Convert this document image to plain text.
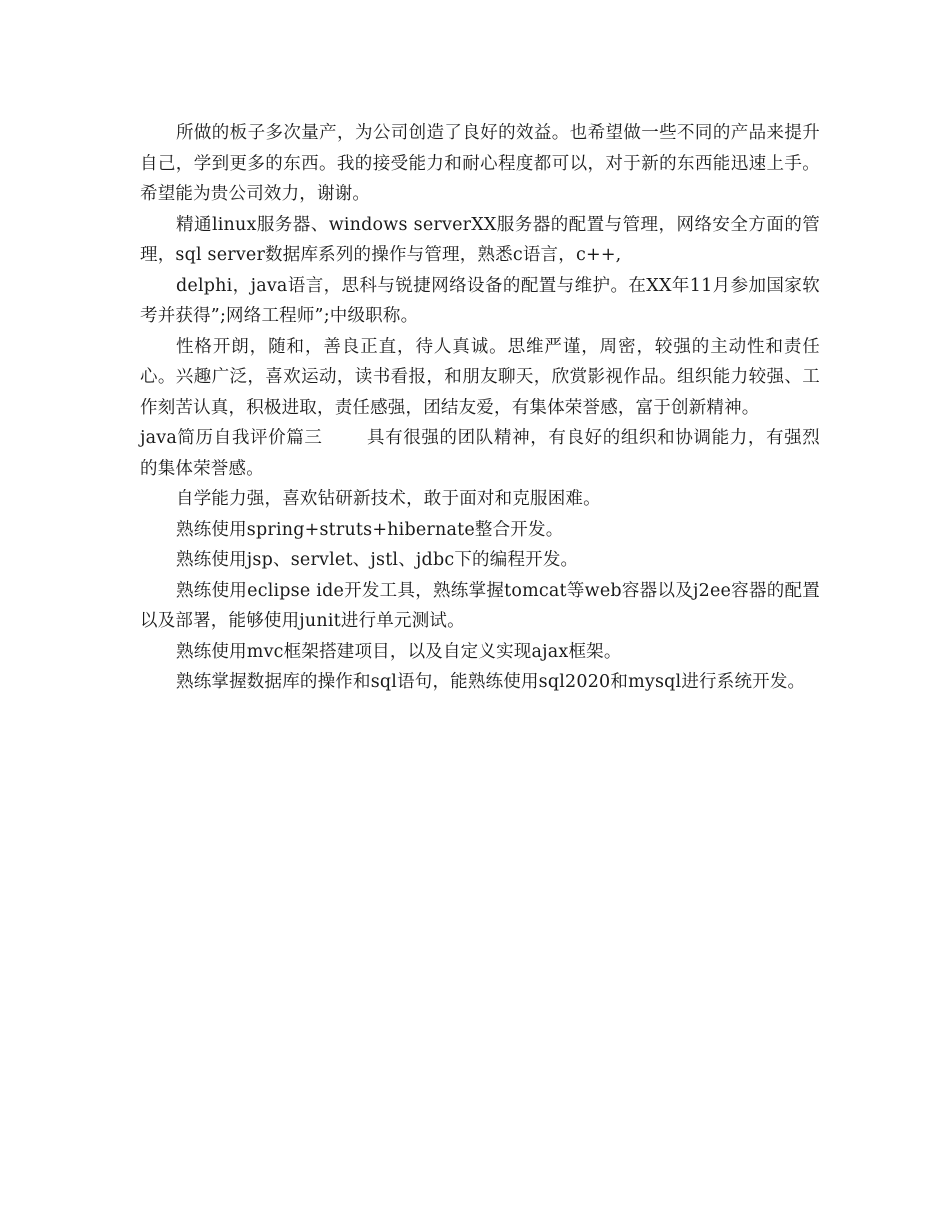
所做的板子多次量产，为公司创造了良好的效益。也希望做一些不同的产品来提升自己，学到更多的东西。我的接受能力和耐心程度都可以，对于新的东西能迅速上手。希望能为贵公司效力，谢谢。

精通linux服务器、windows serverXX服务器的配置与管理，网络安全方面的管理，sql server数据库系列的操作与管理，熟悉c语言，c++,

delphi，java语言，思科与锐捷网络设备的配置与维护。在XX年11月参加国家软考并获得”;网络工程师”;中级职称。

性格开朗，随和，善良正直，待人真诚。思维严谨，周密，较强的主动性和责任心。兴趣广泛，喜欢运动，读书看报，和朋友聊天，欣赏影视作品。组织能力较强、工作刻苦认真，积极进取，责任感强，团结友爱，有集体荣誉感，富于创新精神。

java简历自我评价篇三	具有很强的团队精神，有良好的组织和协调能力，有强烈的集体荣誉感。

自学能力强，喜欢钻研新技术，敢于面对和克服困难。

熟练使用spring+struts+hibernate整合开发。

熟练使用jsp、servlet、jstl、jdbc下的编程开发。

熟练使用eclipse ide开发工具，熟练掌握tomcat等web容器以及j2ee容器的配置以及部署，能够使用junit进行单元测试。

熟练使用mvc框架搭建项目，以及自定义实现ajax框架。

熟练掌握数据库的操作和sql语句，能熟练使用sql2020和mysql进行系统开发。
